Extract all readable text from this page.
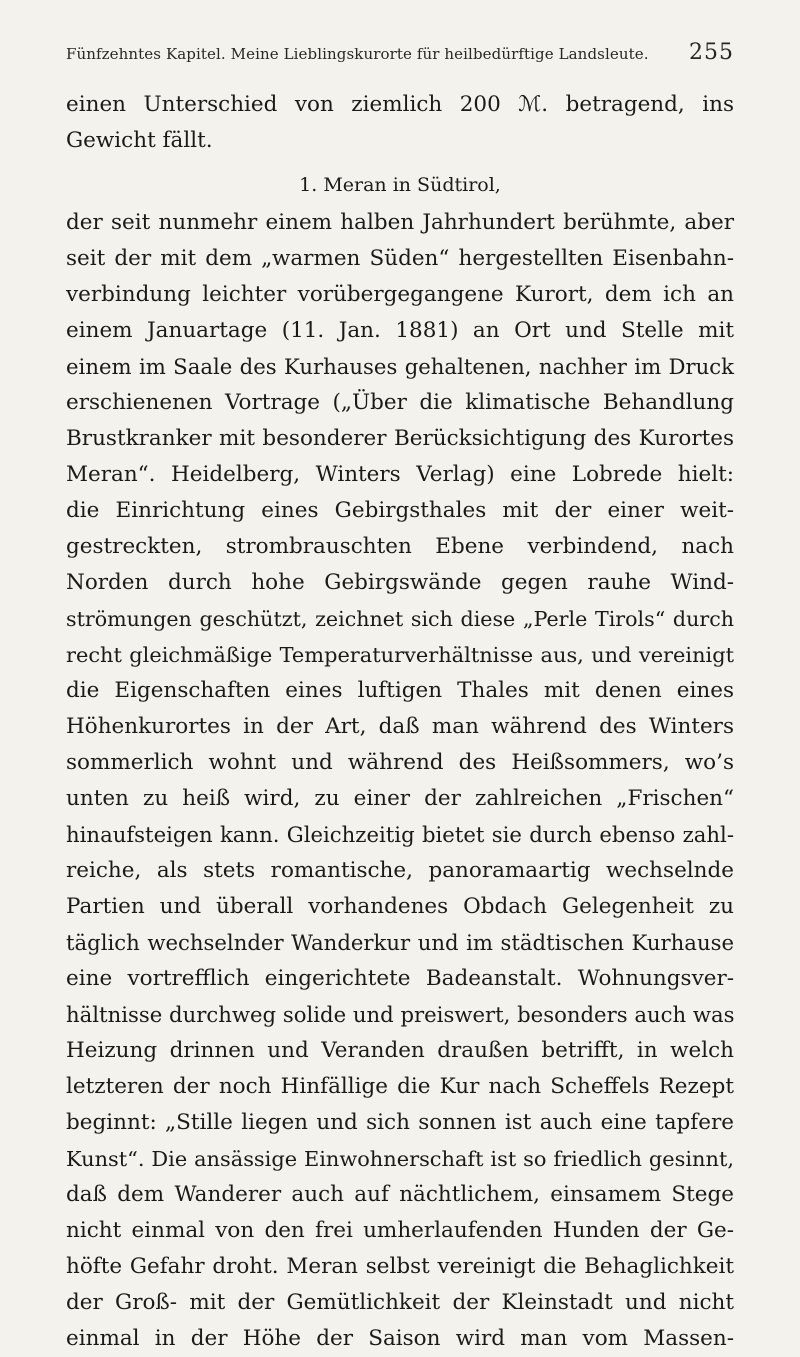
Fünfzehntes Kapitel. Meine Lieblingskurorte für heilbedürftige Landsleute. 255
einen Unterschied von ziemlich 200 ℳ. betragend, ins
Gewicht fällt.
1. Meran in Südtirol,
der seit nunmehr einem halben Jahrhundert berühmte, aber
seit der mit dem „warmen Süden“ hergestellten Eisenbahn-
verbindung leichter vorübergegangene Kurort, dem ich an
einem Januartage (11. Jan. 1881) an Ort und Stelle mit
einem im Saale des Kurhauses gehaltenen, nachher im Druck
erschienenen Vortrage („Über die klimatische Behandlung
Brustkranker mit besonderer Berücksichtigung des Kurortes
Meran“. Heidelberg, Winters Verlag) eine Lobrede hielt:
die Einrichtung eines Gebirgsthales mit der einer weit-
gestreckten, strombrauschten Ebene verbindend, nach
Norden durch hohe Gebirgswände gegen rauhe Wind-
strömungen geschützt, zeichnet sich diese „Perle Tirols“ durch
recht gleichmäßige Temperaturverhältnisse aus, und vereinigt
die Eigenschaften eines luftigen Thales mit denen eines
Höhenkurortes in der Art, daß man während des Winters
sommerlich wohnt und während des Heißsommers, wo’s
unten zu heiß wird, zu einer der zahlreichen „Frischen“
hinaufsteigen kann. Gleichzeitig bietet sie durch ebenso zahl-
reiche, als stets romantische, panoramaartig wechselnde
Partien und überall vorhandenes Obdach Gelegenheit zu
täglich wechselnder Wanderkur und im städtischen Kurhause
eine vortrefflich eingerichtete Badeanstalt. Wohnungsver-
hältnisse durchweg solide und preiswert, besonders auch was
Heizung drinnen und Veranden draußen betrifft, in welch
letzteren der noch Hinfällige die Kur nach Scheffels Rezept
beginnt: „Stille liegen und sich sonnen ist auch eine tapfere
Kunst“. Die ansässige Einwohnerschaft ist so friedlich gesinnt,
daß dem Wanderer auch auf nächtlichem, einsamem Stege
nicht einmal von den frei umherlaufenden Hunden der Ge-
höfte Gefahr droht. Meran selbst vereinigt die Behaglichkeit
der Groß- mit der Gemütlichkeit der Kleinstadt und nicht
einmal in der Höhe der Saison wird man vom Massen-
